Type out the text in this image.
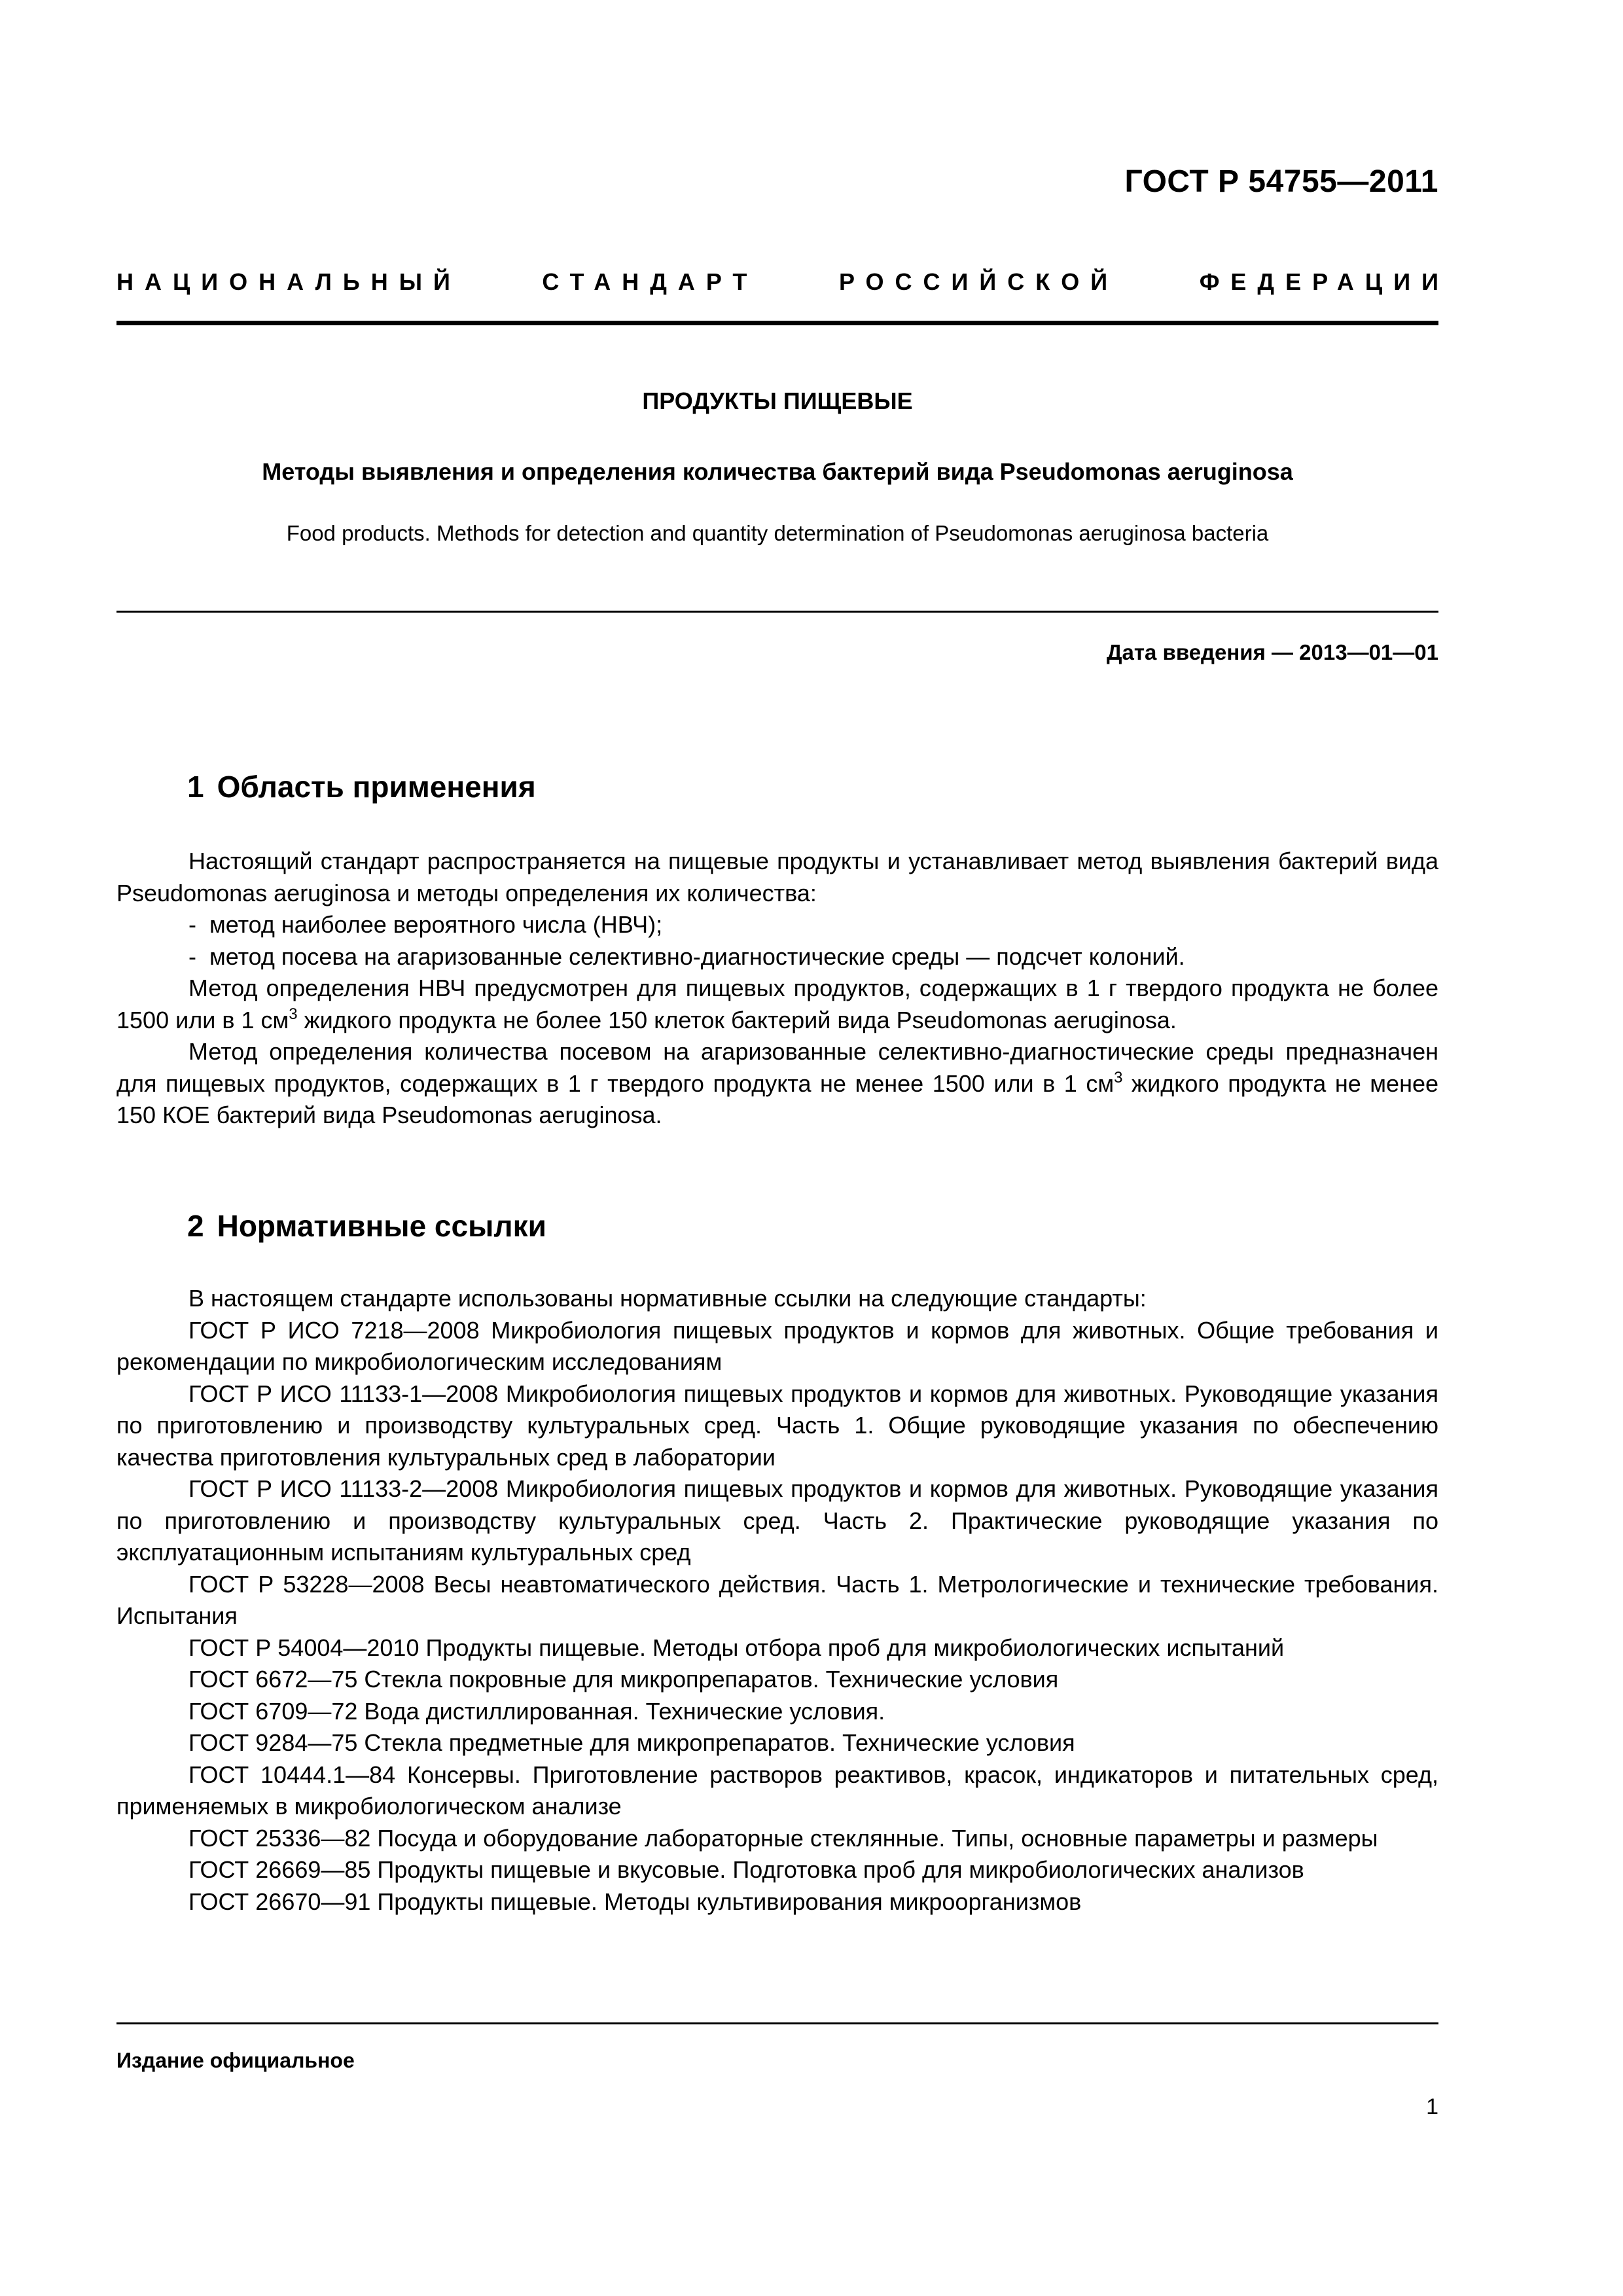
ГОСТ Р 54755—2011
НАЦИОНАЛЬНЫЙ	СТАНДАРТ	РОССИЙСКОЙ	ФЕДЕРАЦИИ
ПРОДУКТЫ ПИЩЕВЫЕ
Методы выявления и определения количества бактерий вида Pseudomonas aeruginosa
Food products. Methods for detection and quantity determination of Pseudomonas aeruginosa bacteria
Дата введения — 2013—01—01
1 Область применения

Настоящий стандарт распространяется на пищевые продукты и устанавливает метод выявления бактерий вида Pseudomonas aeruginosa и методы определения их количества:

-  метод наиболее вероятного числа (НВЧ);

-  метод посева на агаризованные селективно-диагностические среды — подсчет колоний.

Метод определения НВЧ предусмотрен для пищевых продуктов, содержащих в 1 г твердого продукта не более 1500 или в 1 $см^3$ жидкого продукта не более 150 клеток бактерий вида Pseudomonas aeruginosa.

Метод определения количества посевом на агаризованные селективно-диагностические среды предназначен для пищевых продуктов, содержащих в 1 г твердого продукта не менее 1500 или в 1 $см^3$ жидкого продукта не менее 150 КОЕ бактерий вида Pseudomonas aeruginosa.

2 Нормативные ссылки

В настоящем стандарте использованы нормативные ссылки на следующие стандарты:

ГОСТ Р ИСО 7218—2008 Микробиология пищевых продуктов и кормов для животных. Общие требования и рекомендации по микробиологическим исследованиям

ГОСТ Р ИСО 11133-1—2008 Микробиология пищевых продуктов и кормов для животных. Руководящие указания по приготовлению и производству культуральных сред. Часть 1. Общие руководящие указания по обеспечению качества приготовления культуральных сред в лаборатории

ГОСТ Р ИСО 11133-2—2008 Микробиология пищевых продуктов и кормов для животных. Руководящие указания по приготовлению и производству культуральных сред. Часть 2. Практические руководящие указания по эксплуатационным испытаниям культуральных сред

ГОСТ Р 53228—2008 Весы неавтоматического действия. Часть 1. Метрологические и технические требования. Испытания

ГОСТ Р 54004—2010 Продукты пищевые. Методы отбора проб для микробиологических испытаний

ГОСТ 6672—75 Стекла покровные для микропрепаратов. Технические условия

ГОСТ 6709—72 Вода дистиллированная. Технические условия.

ГОСТ 9284—75 Стекла предметные для микропрепаратов. Технические условия

ГОСТ 10444.1—84 Консервы. Приготовление растворов реактивов, красок, индикаторов и питательных сред, применяемых в микробиологическом анализе

ГОСТ 25336—82 Посуда и оборудование лабораторные стеклянные. Типы, основные параметры и размеры

ГОСТ 26669—85 Продукты пищевые и вкусовые. Подготовка проб для микробиологических анализов

ГОСТ 26670—91 Продукты пищевые. Методы культивирования микроорганизмов

Издание официальное
1
